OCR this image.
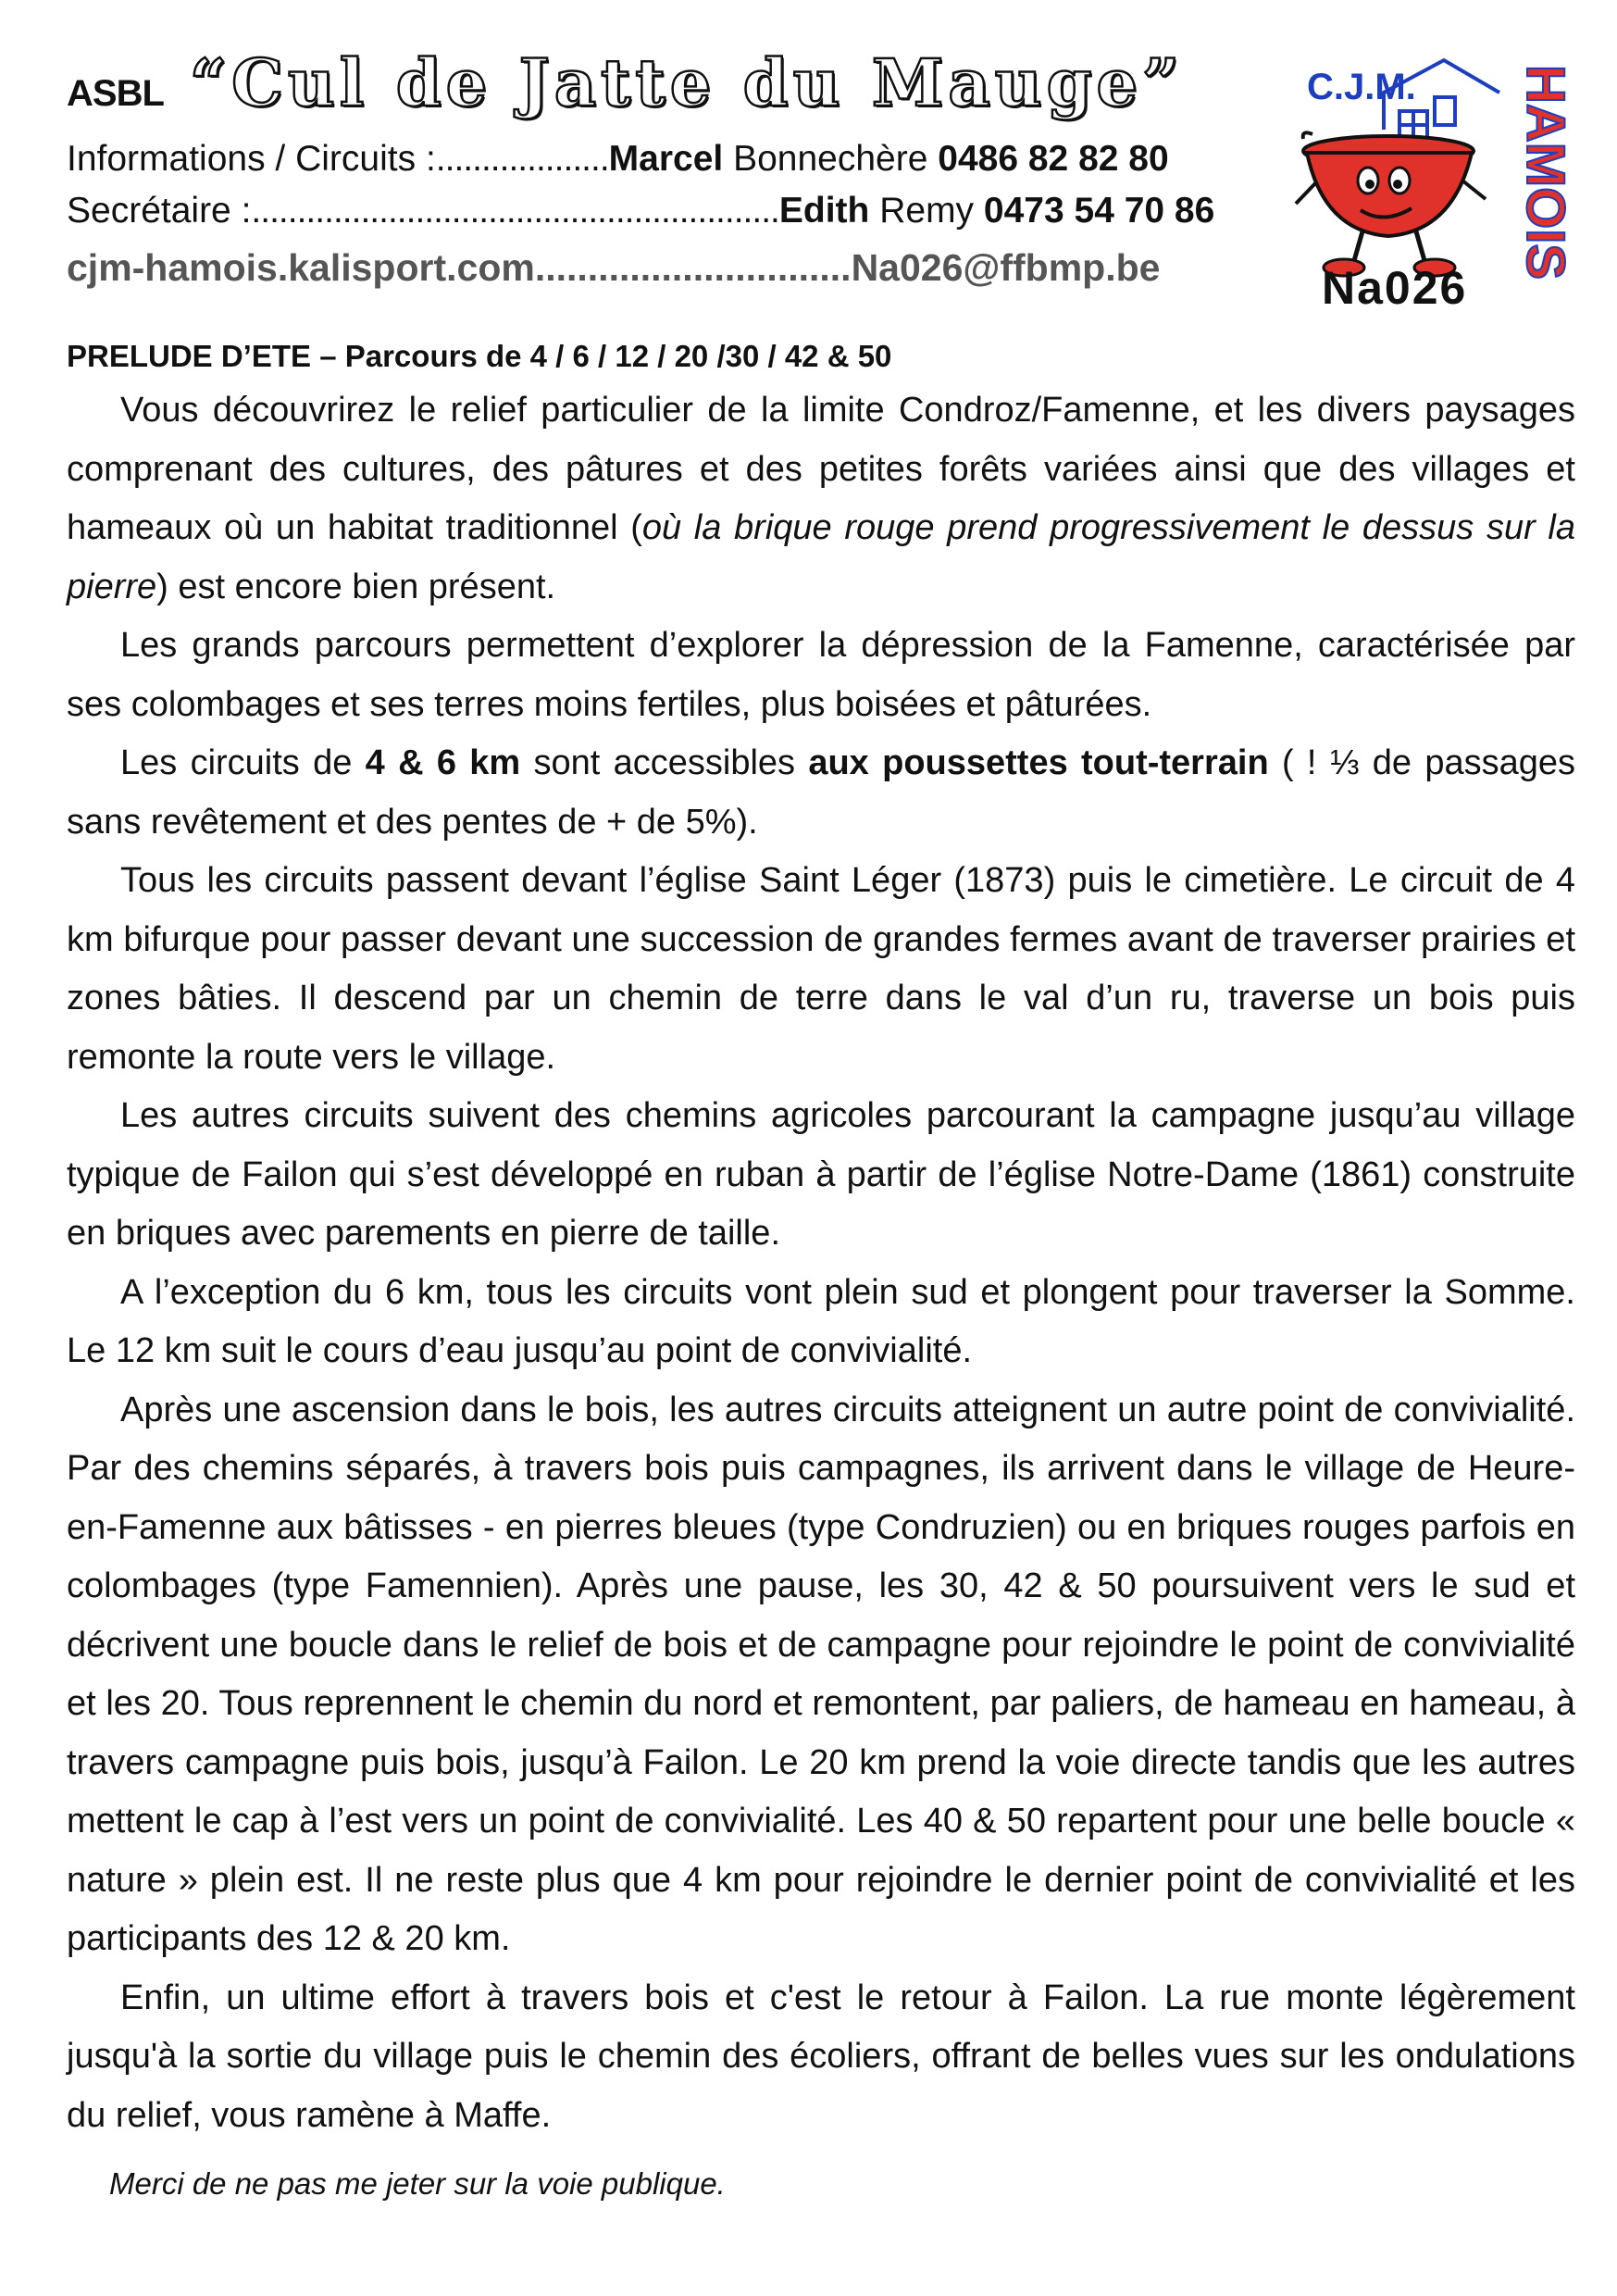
ASBL “Cul de Jatte du Mauge”
Informations / Circuits :...................Marcel Bonnechère 0486 82 82 80
Secrétaire :..........................................................Edith Remy 0473 54 70 86
cjm-hamois.kalisport.com..............................Na026@ffbmp.be
C.J.M. HAMOIS
Na026
PRELUDE D’ETE – Parcours de 4 / 6 / 12 / 20 /30 / 42 & 50

Vous découvrirez le relief particulier de la limite Condroz/Famenne, et les divers paysages comprenant des cultures, des pâtures et des petites forêts variées ainsi que des villages et hameaux où un habitat traditionnel (où la brique rouge prend progressivement le dessus sur la pierre) est encore bien présent.

Les grands parcours permettent d’explorer la dépression de la Famenne, caractérisée par ses colombages et ses terres moins fertiles, plus boisées et pâturées.

Les circuits de 4 & 6 km sont accessibles aux poussettes tout-terrain ( ! ⅓ de passages sans revêtement et des pentes de + de 5%).

Tous les circuits passent devant l’église Saint Léger (1873) puis le cimetière. Le circuit de 4 km bifurque pour passer devant une succession de grandes fermes avant de traverser prairies et zones bâties. Il descend par un chemin de terre dans le val d’un ru, traverse un bois puis remonte la route vers le village.

Les autres circuits suivent des chemins agricoles parcourant la campagne jusqu’au village typique de Failon qui s’est développé en ruban à partir de l’église Notre-Dame (1861) construite en briques avec parements en pierre de taille.

A l’exception du 6 km, tous les circuits vont plein sud et plongent pour traverser la Somme. Le 12 km suit le cours d’eau jusqu’au point de convivialité.

Après une ascension dans le bois, les autres circuits atteignent un autre point de convivialité. Par des chemins séparés, à travers bois puis campagnes, ils arrivent dans le village de Heure-en-Famenne aux bâtisses - en pierres bleues (type Condruzien) ou en briques rouges parfois en colombages (type Famennien). Après une pause, les 30, 42 & 50 poursuivent vers le sud et décrivent une boucle dans le relief de bois et de campagne pour rejoindre le point de convivialité et les 20. Tous reprennent le chemin du nord et remontent, par paliers, de hameau en hameau, à travers campagne puis bois, jusqu’à Failon. Le 20 km prend la voie directe tandis que les autres mettent le cap à l’est vers un point de convivialité. Les 40 & 50 repartent pour une belle boucle « nature » plein est. Il ne reste plus que 4 km pour rejoindre le dernier point de convivialité et les participants des 12 & 20 km.

Enfin, un ultime effort à travers bois et c'est le retour à Failon. La rue monte légèrement jusqu'à la sortie du village puis le chemin des écoliers, offrant de belles vues sur les ondulations du relief, vous ramène à Maffe.

Merci de ne pas me jeter sur la voie publique.
